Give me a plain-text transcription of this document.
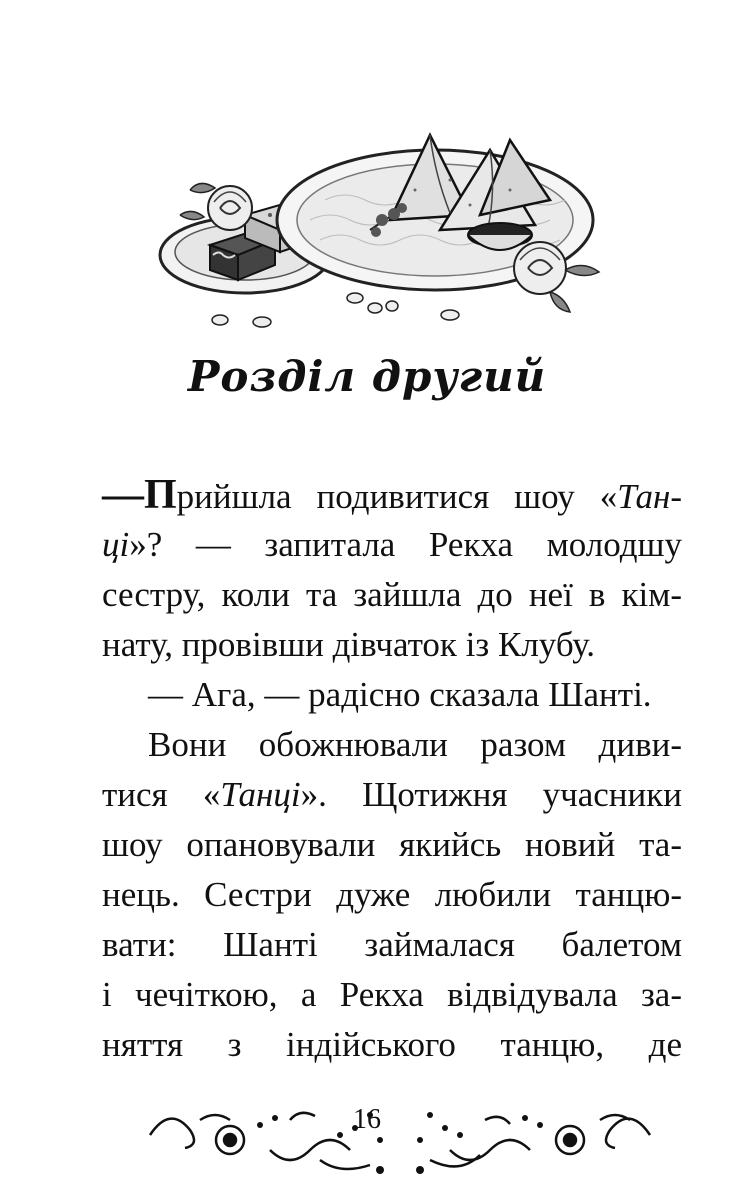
Розділ другий
—Прийшла подивитися шоу «Тан-
ці»? — запитала Рекха молодшу
сестру, коли та зайшла до неї в кім-
нату, провівши дівчаток із Клубу.
— Ага, — радісно сказала Шанті.
Вони обожнювали разом диви-
тися «Танці». Щотижня учасники
шоу опановували якийсь новий та-
нець. Сестри дуже любили танцю-
вати: Шанті займалася балетом
і чечіткою, а Рекха відвідувала за-
няття з індійського танцю, де
16
